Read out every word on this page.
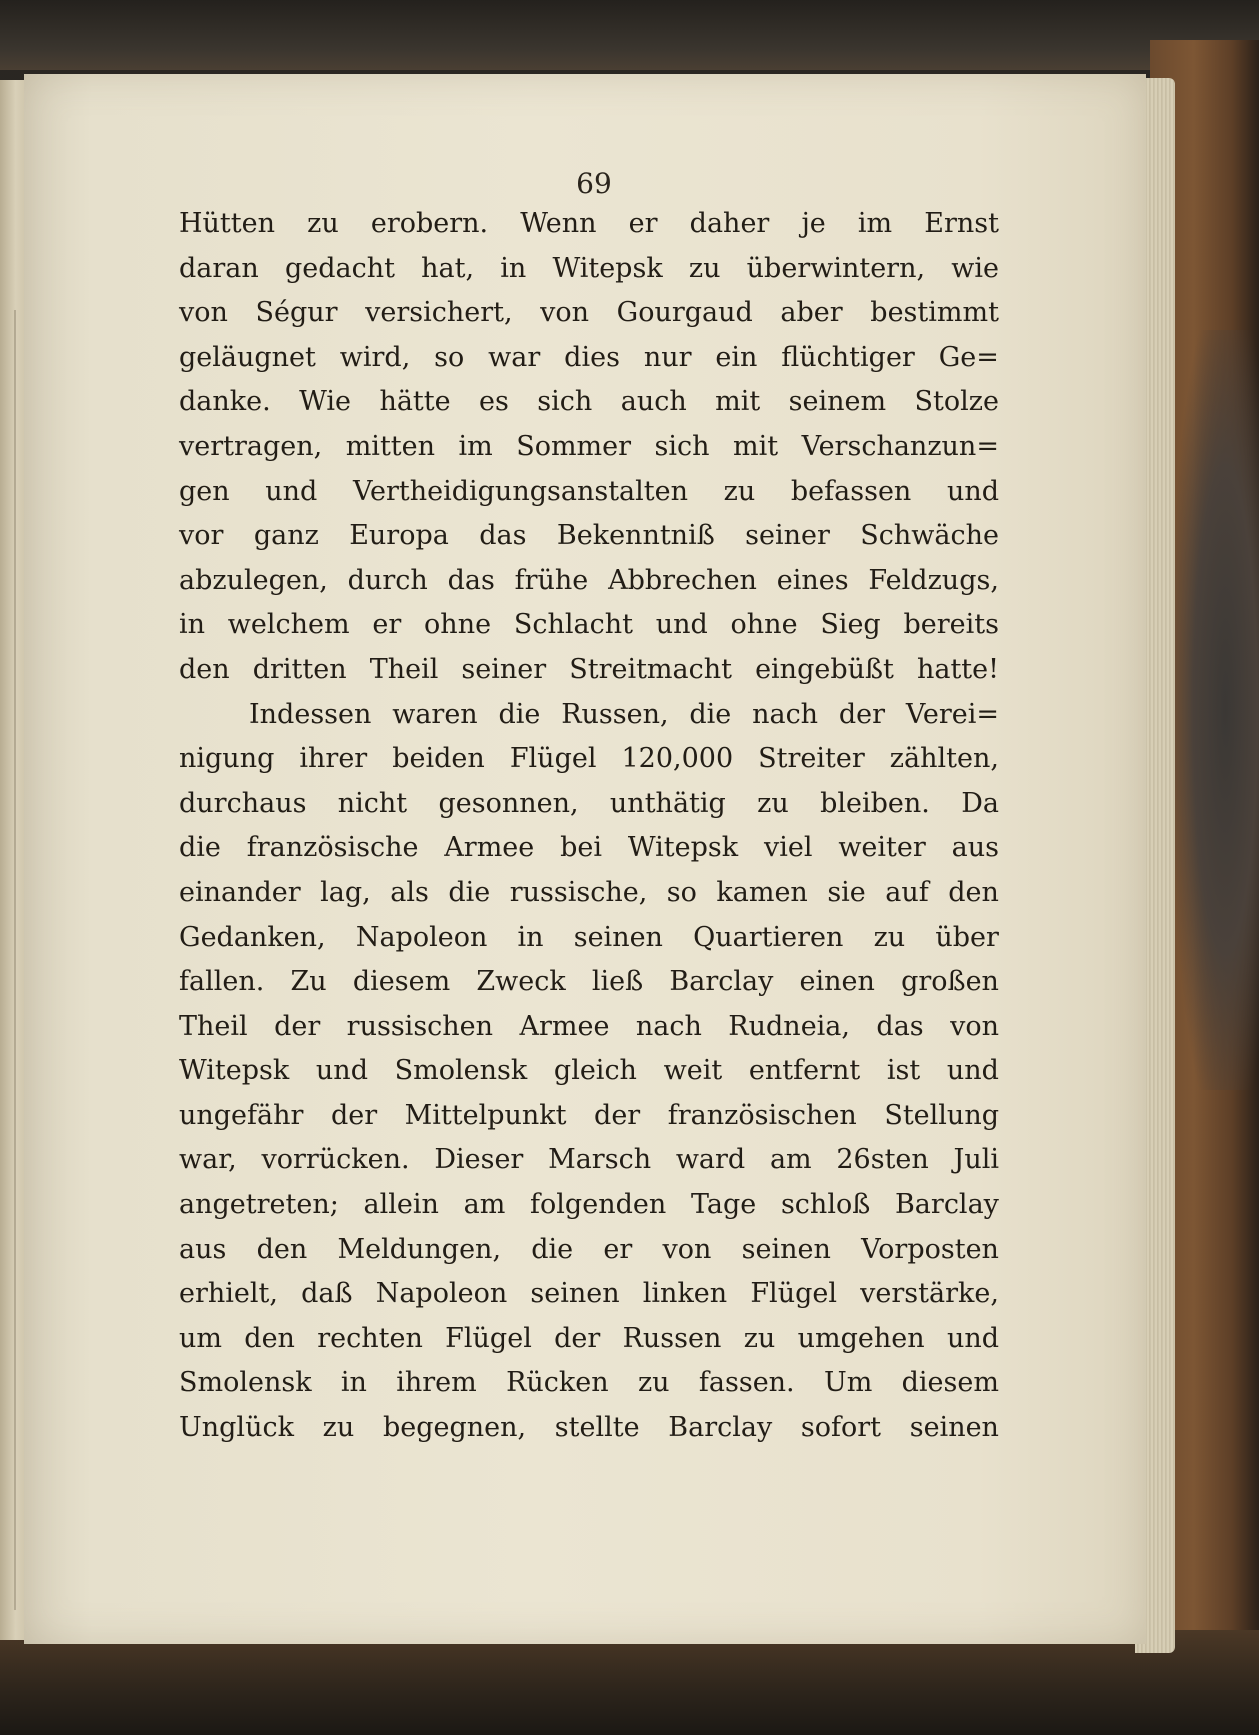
69

Hütten zu erobern. Wenn er daher je im Ernst
daran gedacht hat, in Witepsk zu überwintern, wie
von Ségur versichert, von Gourgaud aber bestimmt
geläugnet wird, so war dies nur ein flüchtiger Ge=
danke. Wie hätte es sich auch mit seinem Stolze
vertragen, mitten im Sommer sich mit Verschanzun=
gen und Vertheidigungsanstalten zu befassen und
vor ganz Europa das Bekenntniß seiner Schwäche
abzulegen, durch das frühe Abbrechen eines Feldzugs,
in welchem er ohne Schlacht und ohne Sieg bereits
den dritten Theil seiner Streitmacht eingebüßt hatte!
Indessen waren die Russen, die nach der Verei=
nigung ihrer beiden Flügel 120,000 Streiter zählten,
durchaus nicht gesonnen, unthätig zu bleiben. Da
die französische Armee bei Witepsk viel weiter aus
einander lag, als die russische, so kamen sie auf den
Gedanken, Napoleon in seinen Quartieren zu über
fallen. Zu diesem Zweck ließ Barclay einen großen
Theil der russischen Armee nach Rudneia, das von
Witepsk und Smolensk gleich weit entfernt ist und
ungefähr der Mittelpunkt der französischen Stellung
war, vorrücken. Dieser Marsch ward am 26sten Juli
angetreten; allein am folgenden Tage schloß Barclay
aus den Meldungen, die er von seinen Vorposten
erhielt, daß Napoleon seinen linken Flügel verstärke,
um den rechten Flügel der Russen zu umgehen und
Smolensk in ihrem Rücken zu fassen. Um diesem
Unglück zu begegnen, stellte Barclay sofort seinen
